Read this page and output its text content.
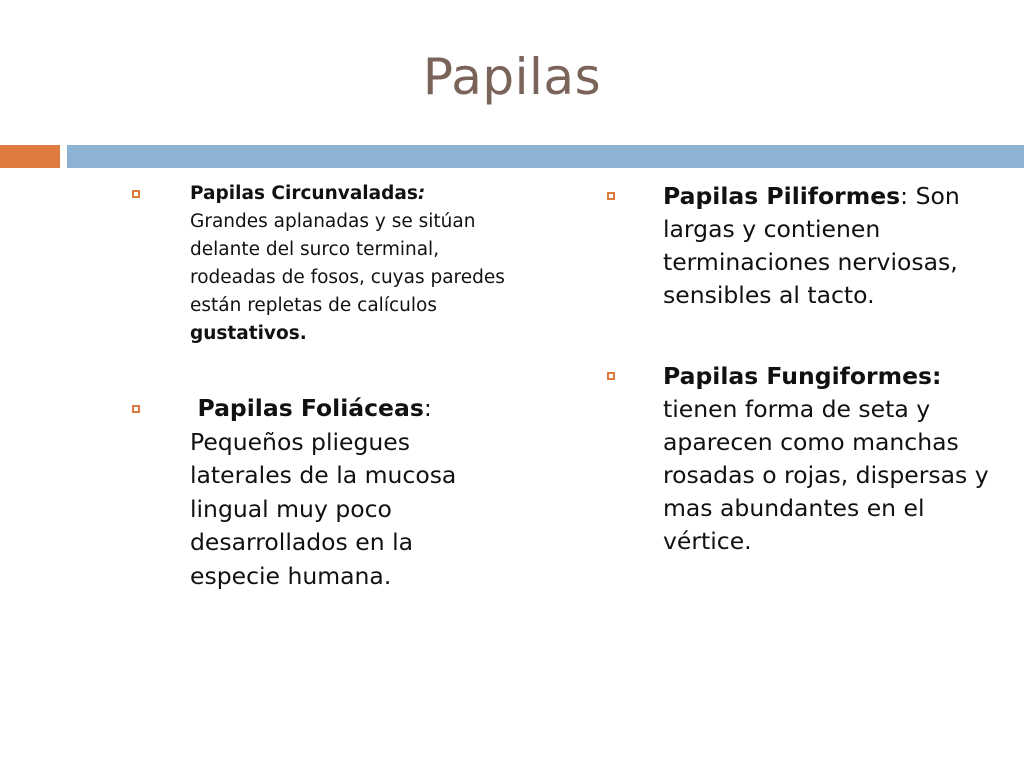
Papilas
Papilas Circunvaladas: Grandes aplanadas y se sitúan delante del surco terminal, rodeadas de fosos, cuyas paredes están repletas de calículos gustativos.
Papilas Foliáceas: Pequeños pliegues laterales de la mucosa lingual muy poco desarrollados en la especie humana.
Papilas Piliformes: Son largas y contienen terminaciones nerviosas, sensibles al tacto.
Papilas Fungiformes: tienen forma de seta y aparecen como manchas rosadas o rojas, dispersas y mas abundantes en el vértice.
